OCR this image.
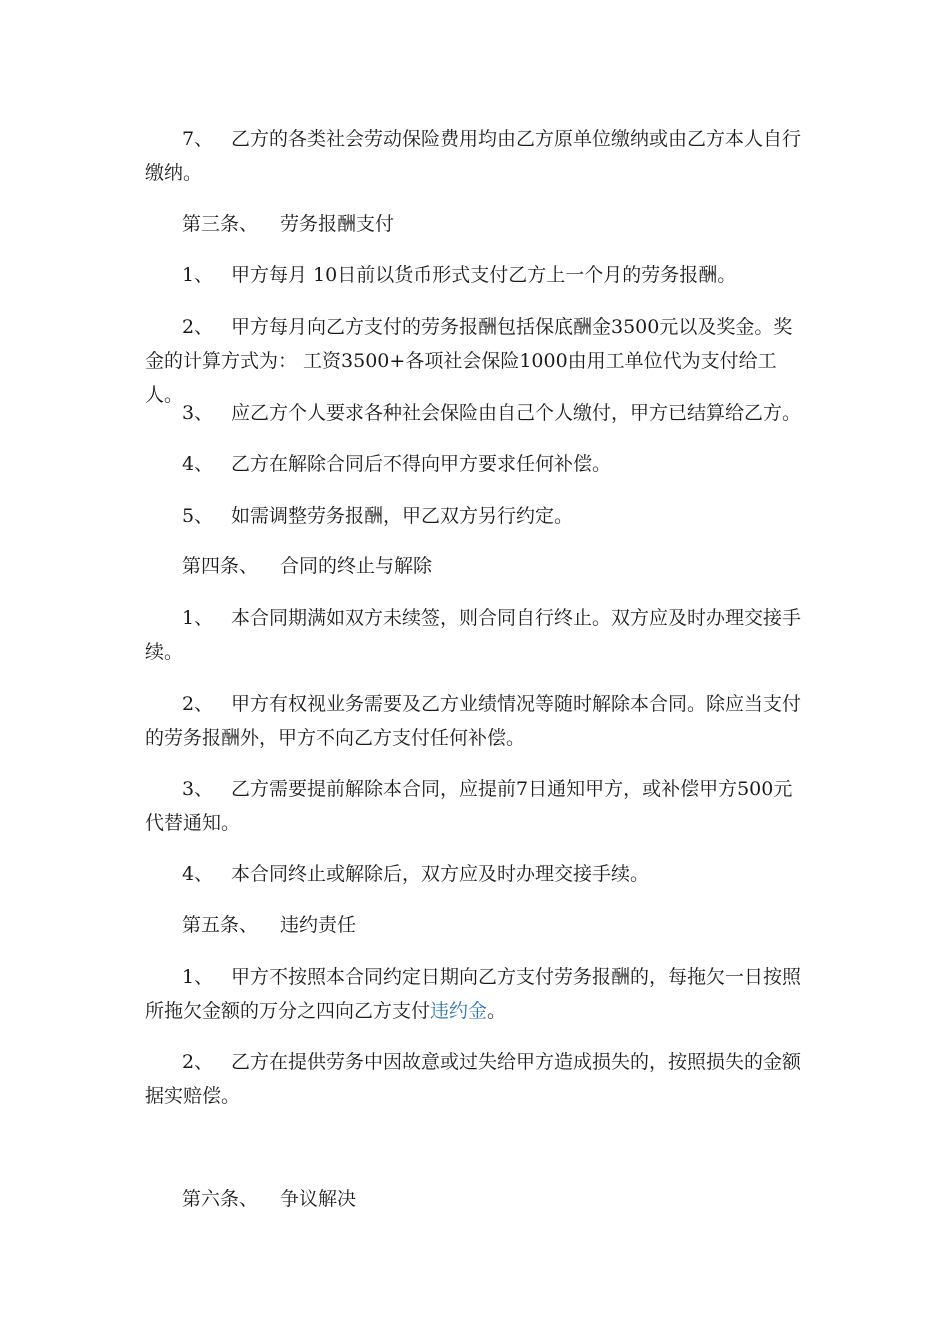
7、 乙方的各类社会劳动保险费用均由乙方原单位缴纳或由乙方本人自行缴纳。

第三条、 劳务报酬支付

1、 甲方每月 10日前以货币形式支付乙方上一个月的劳务报酬。

2、 甲方每月向乙方支付的劳务报酬包括保底酬金3500元以及奖金。奖金的计算方式为： 工资3500+各项社会保险1000由用工单位代为支付给工人。

3、 应乙方个人要求各种社会保险由自己个人缴付，甲方已结算给乙方。

4、 乙方在解除合同后不得向甲方要求任何补偿。

5、 如需调整劳务报酬，甲乙双方另行约定。

第四条、 合同的终止与解除

1、 本合同期满如双方未续签，则合同自行终止。双方应及时办理交接手续。

2、 甲方有权视业务需要及乙方业绩情况等随时解除本合同。除应当支付的劳务报酬外，甲方不向乙方支付任何补偿。

3、 乙方需要提前解除本合同，应提前7日通知甲方，或补偿甲方500元代替通知。

4、 本合同终止或解除后，双方应及时办理交接手续。

第五条、 违约责任

1、 甲方不按照本合同约定日期向乙方支付劳务报酬的，每拖欠一日按照所拖欠金额的万分之四向乙方支付违约金。

2、 乙方在提供劳务中因故意或过失给甲方造成损失的，按照损失的金额据实赔偿。

第六条、 争议解决
